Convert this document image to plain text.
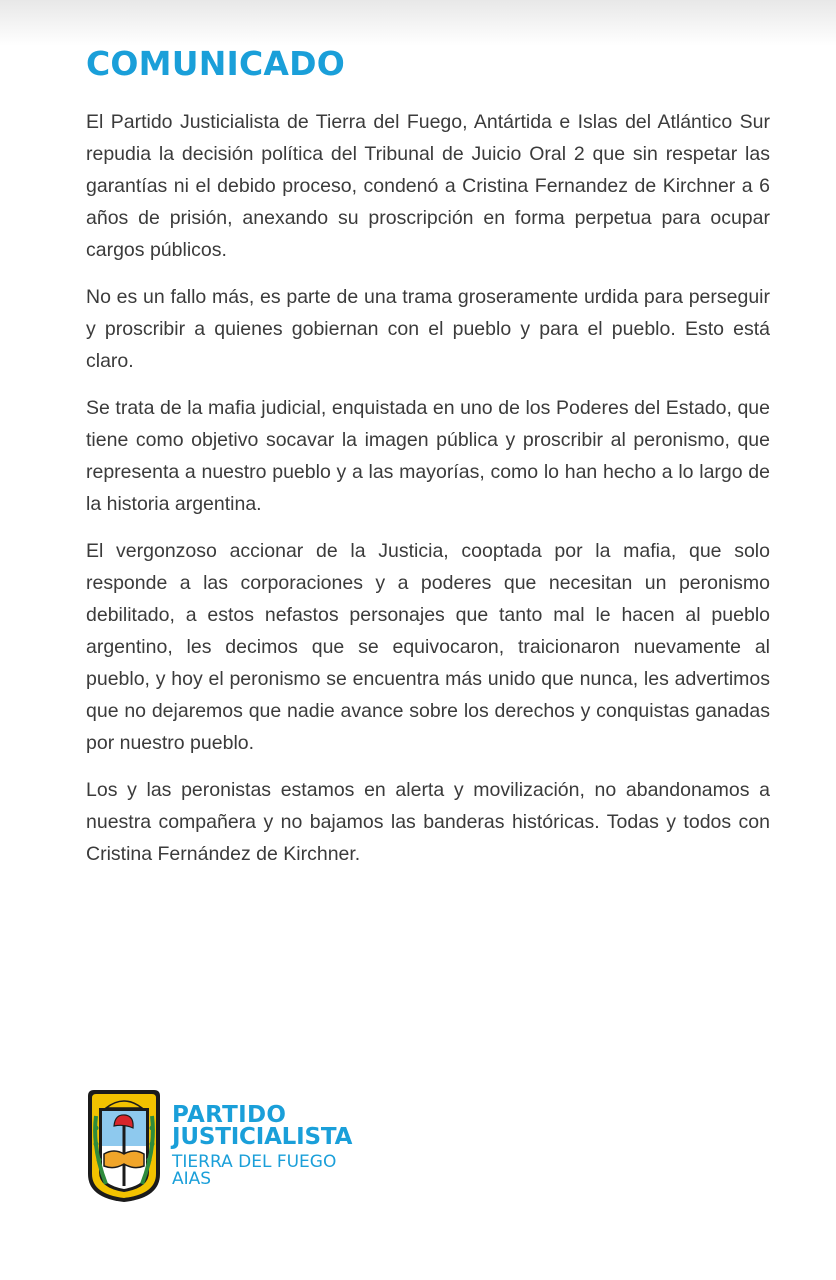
COMUNICADO

El Partido Justicialista de Tierra del Fuego, Antártida e Islas del Atlántico Sur repudia la decisión política del Tribunal de Juicio Oral 2 que sin respetar las garantías ni el debido proceso, condenó a Cristina Fernandez de Kirchner a 6 años de prisión, anexando su proscripción en forma perpetua para ocupar cargos públicos.

No es un fallo más, es parte de una trama groseramente urdida para perseguir y proscribir a quienes gobiernan con el pueblo y para el pueblo. Esto está claro.

Se trata de la mafia judicial, enquistada en uno de los Poderes del Estado, que tiene como objetivo socavar la imagen pública y proscribir al peronismo, que representa a nuestro pueblo y a las mayorías, como lo han hecho a lo largo de la historia argentina.

El vergonzoso accionar de la Justicia, cooptada por la mafia, que solo responde a las corporaciones y a poderes que necesitan un peronismo debilitado, a estos nefastos personajes que tanto mal le hacen al pueblo argentino, les decimos que se equivocaron, traicionaron nuevamente al pueblo, y hoy el peronismo se encuentra más unido que nunca, les advertimos que no dejaremos que nadie avance sobre los derechos y conquistas ganadas por nuestro pueblo.

Los y las peronistas estamos en alerta y movilización, no abandonamos a nuestra compañera y no bajamos las banderas históricas. Todas y todos con Cristina Fernández de Kirchner.

PARTIDO
JUSTICIALISTA
TIERRA DEL FUEGO
AIAS
